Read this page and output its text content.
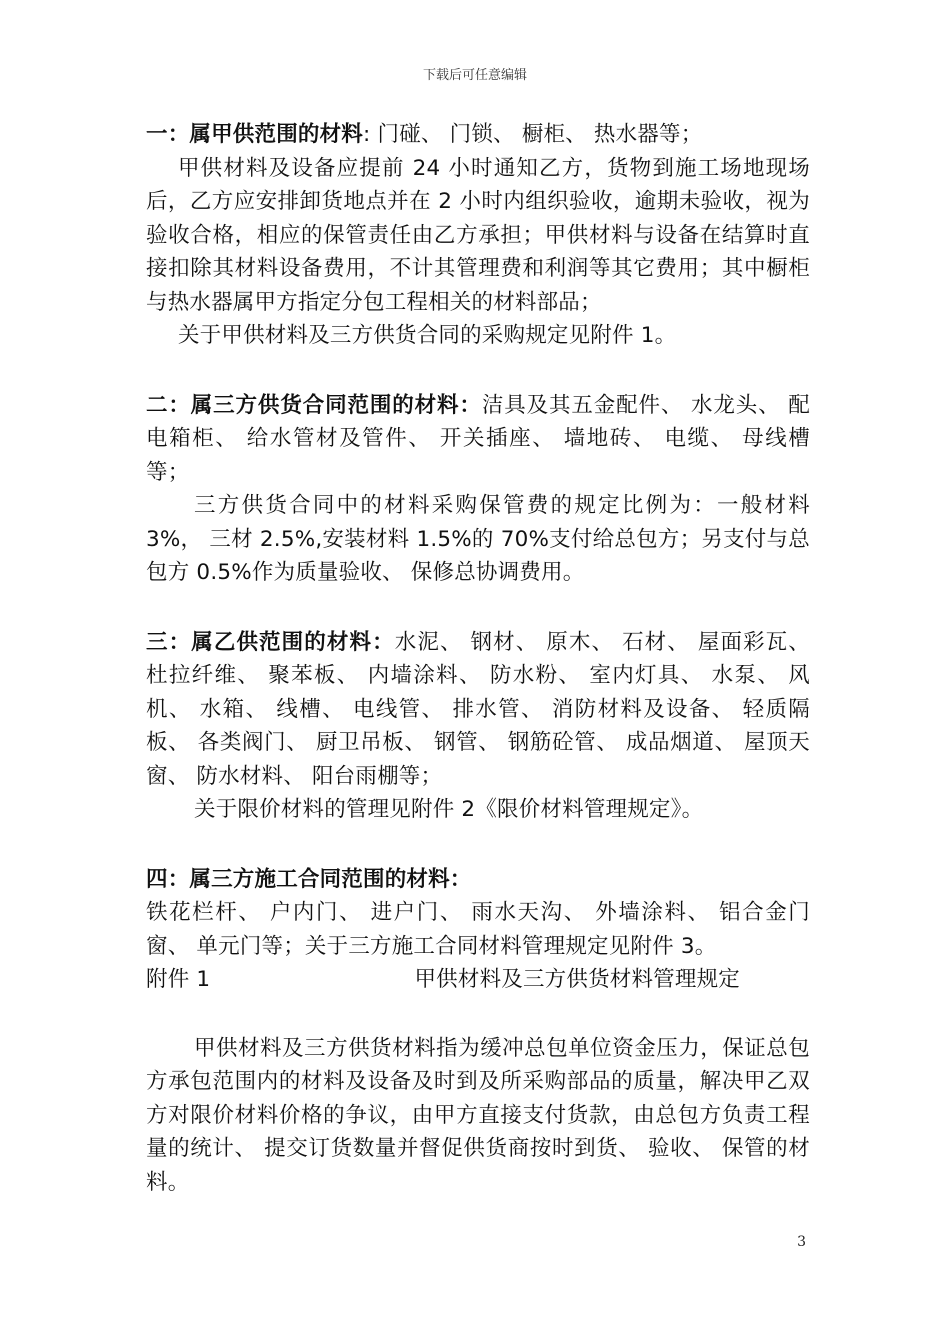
下载后可任意编辑

一：属甲供范围的材料: 门碰、 门锁、 橱柜、 热水器等；

甲供材料及设备应提前 24 小时通知乙方，货物到施工场地现场后，乙方应安排卸货地点并在 2 小时内组织验收，逾期未验收，视为验收合格，相应的保管责任由乙方承担；甲供材料与设备在结算时直接扣除其材料设备费用，不计其管理费和利润等其它费用；其中橱柜与热水器属甲方指定分包工程相关的材料部品；

关于甲供材料及三方供货合同的采购规定见附件 1。

二：属三方供货合同范围的材料：洁具及其五金配件、 水龙头、 配电箱柜、 给水管材及管件、 开关插座、 墙地砖、 电缆、 母线槽等；

三方供货合同中的材料采购保管费的规定比例为：一般材料 3%， 三材 2.5%,安装材料 1.5%的 70%支付给总包方；另支付与总包方 0.5%作为质量验收、 保修总协调费用。

三：属乙供范围的材料：水泥、 钢材、 原木、 石材、 屋面彩瓦、 杜拉纤维、 聚苯板、 内墙涂料、 防水粉、 室内灯具、 水泵、 风机、 水箱、 线槽、 电线管、 排水管、 消防材料及设备、 轻质隔板、 各类阀门、 厨卫吊板、 钢管、 钢筋砼管、 成品烟道、 屋顶天窗、 防水材料、 阳台雨棚等；

关于限价材料的管理见附件 2《限价材料管理规定》。

四：属三方施工合同范围的材料：

铁花栏杆、 户内门、 进户门、 雨水天沟、 外墙涂料、 铝合金门窗、 单元门等；关于三方施工合同材料管理规定见附件 3。

附件 1	甲供材料及三方供货材料管理规定

甲供材料及三方供货材料指为缓冲总包单位资金压力，保证总包方承包范围内的材料及设备及时到及所采购部品的质量，解决甲乙双方对限价材料价格的争议，由甲方直接支付货款，由总包方负责工程量的统计、 提交订货数量并督促供货商按时到货、 验收、 保管的材料。

3
